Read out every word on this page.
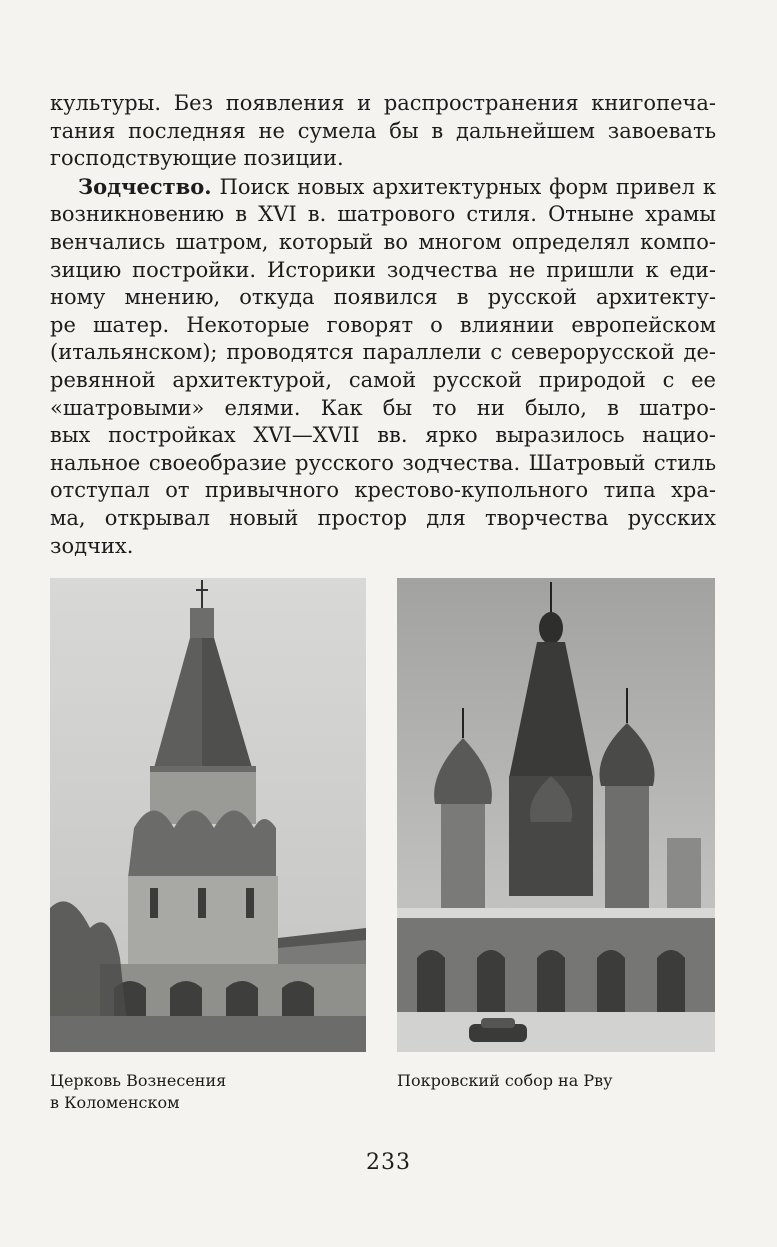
культуры. Без появления и распространения книгопеча-
тания последняя не сумела бы в дальнейшем завоевать
господствующие позиции.

Зодчество. Поиск новых архитектурных форм привел к
возникновению в XVI в. шатрового стиля. Отныне храмы
венчались шатром, который во многом определял компо-
зицию постройки. Историки зодчества не пришли к еди-
ному мнению, откуда появился в русской архитекту-
ре шатер. Некоторые говорят о влиянии европейском
(итальянском); проводятся параллели с северорусской де-
ревянной архитектурой, самой русской природой с ее
«шатровыми» елями. Как бы то ни было, в шатро-
вых постройках XVI—XVII вв. ярко выразилось нацио-
нальное своеобразие русского зодчества. Шатровый стиль
отступал от привычного крестово-купольного типа хра-
ма, открывал новый простор для творчества русских
зодчих.

Церковь Вознесения
в Коломенском
Покровский собор на Рву
233
